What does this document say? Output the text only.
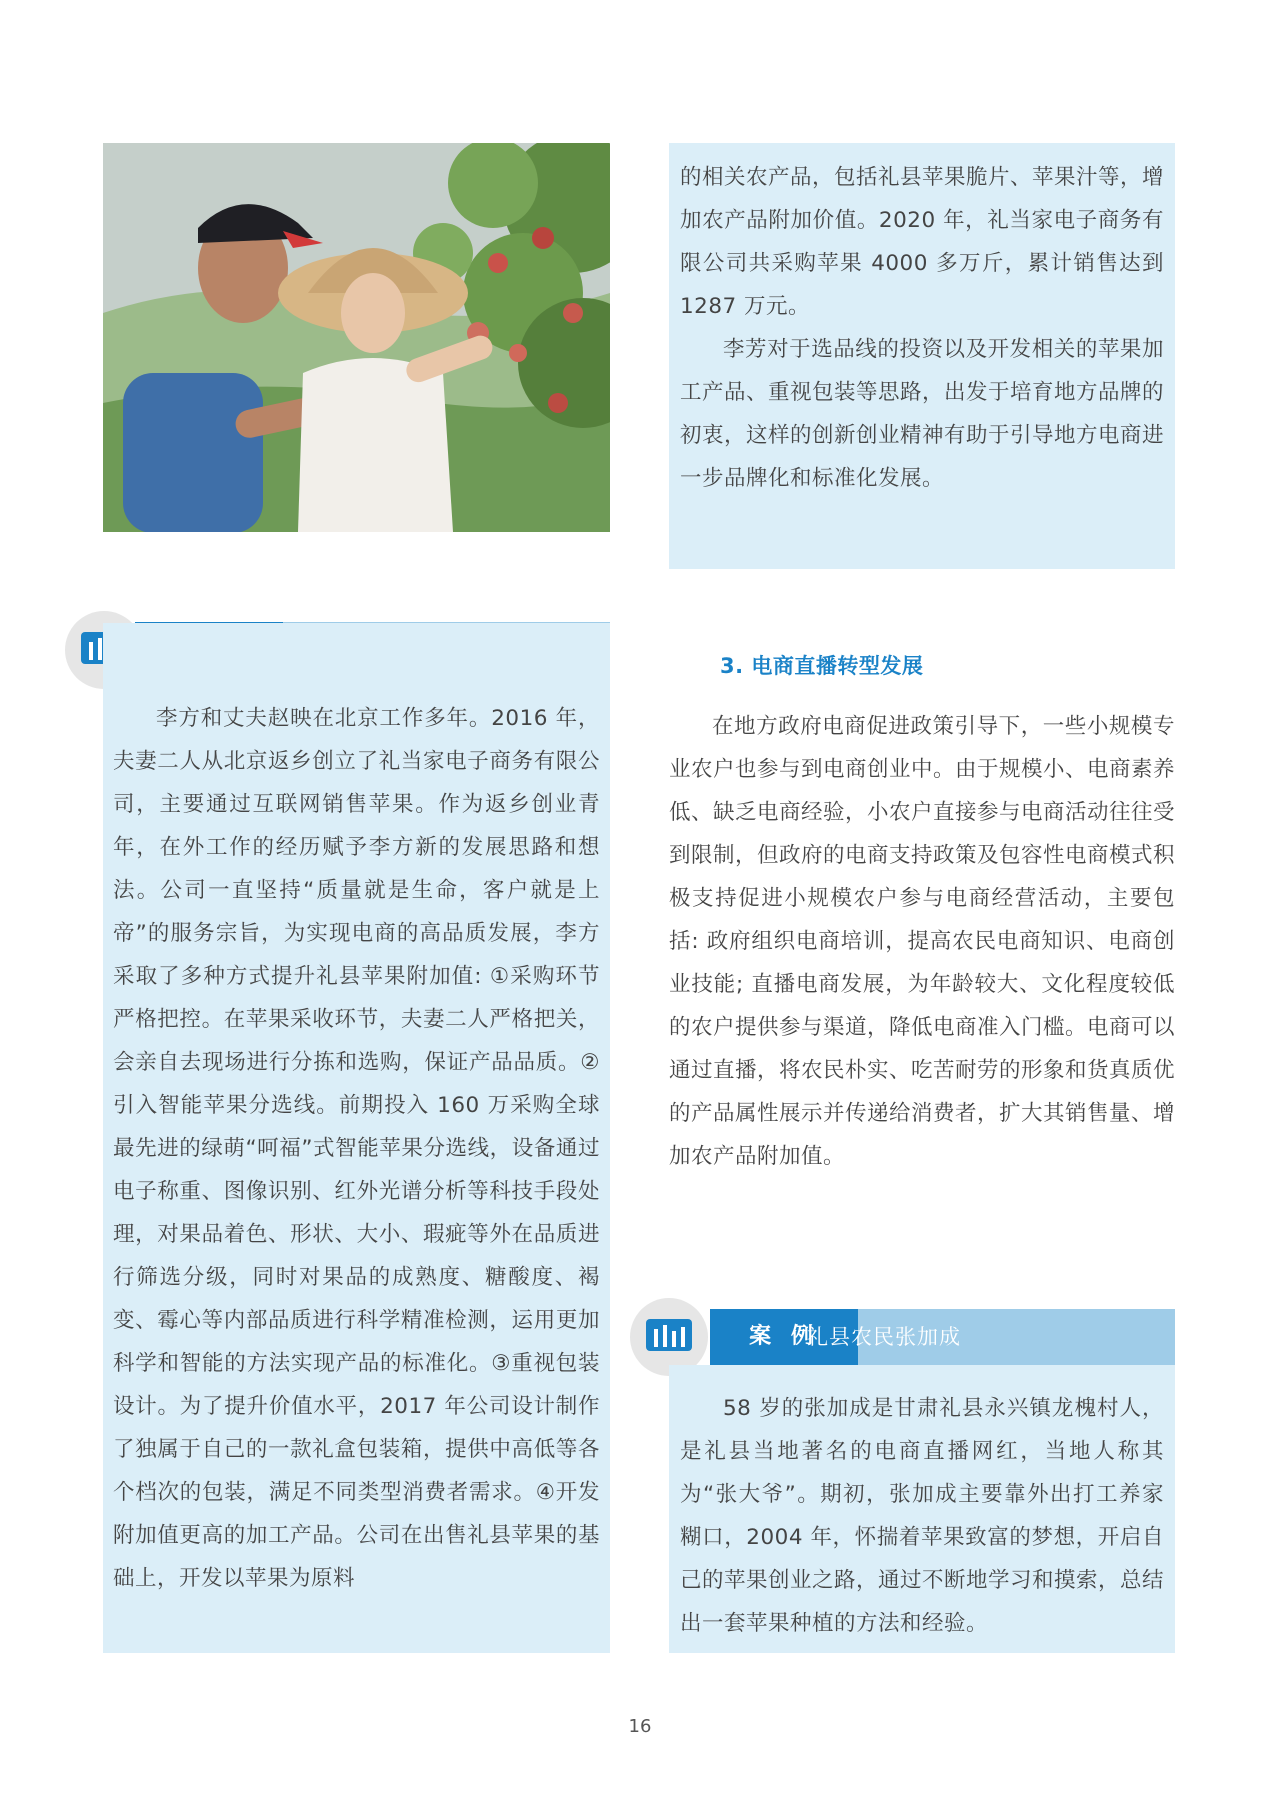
的相关农产品，包括礼县苹果脆片、苹果汁等，增加农产品附加价值。2020 年，礼当家电子商务有限公司共采购苹果 4000 多万斤，累计销售达到 1287 万元。

李芳对于选品线的投资以及开发相关的苹果加工产品、重视包装等思路，出发于培育地方品牌的初衷，这样的创新创业精神有助于引导地方电商进一步品牌化和标准化发展。

李方和丈夫赵映在北京工作多年。2016 年，夫妻二人从北京返乡创立了礼当家电子商务有限公司，主要通过互联网销售苹果。作为返乡创业青年，在外工作的经历赋予李方新的发展思路和想法。公司一直坚持“质量就是生命，客户就是上帝”的服务宗旨，为实现电商的高品质发展，李方采取了多种方式提升礼县苹果附加值: ①采购环节严格把控。在苹果采收环节，夫妻二人严格把关，会亲自去现场进行分拣和选购，保证产品品质。②引入智能苹果分选线。前期投入 160 万采购全球最先进的绿萌“呵福”式智能苹果分选线，设备通过电子称重、图像识别、红外光谱分析等科技手段处理，对果品着色、形状、大小、瑕疵等外在品质进行筛选分级，同时对果品的成熟度、糖酸度、褐变、霉心等内部品质进行科学精准检测，运用更加科学和智能的方法实现产品的标准化。③重视包装设计。为了提升价值水平，2017 年公司设计制作了独属于自己的一款礼盒包装箱，提供中高低等各个档次的包装，满足不同类型消费者需求。④开发附加值更高的加工产品。公司在出售礼县苹果的基础上，开发以苹果为原料

3. 电商直播转型发展

在地方政府电商促进政策引导下，一些小规模专业农户也参与到电商创业中。由于规模小、电商素养低、缺乏电商经验，小农户直接参与电商活动往往受到限制，但政府的电商支持政策及包容性电商模式积极支持促进小规模农户参与电商经营活动，主要包括: 政府组织电商培训，提高农民电商知识、电商创业技能; 直播电商发展，为年龄较大、文化程度较低的农户提供参与渠道，降低电商准入门槛。电商可以通过直播，将农民朴实、吃苦耐劳的形象和货真质优的产品属性展示并传递给消费者，扩大其销售量、增加农产品附加值。

案 例
礼县农民张加成

58 岁的张加成是甘肃礼县永兴镇龙槐村人，是礼县当地著名的电商直播网红，当地人称其为“张大爷”。期初，张加成主要靠外出打工养家糊口，2004 年，怀揣着苹果致富的梦想，开启自己的苹果创业之路，通过不断地学习和摸索，总结出一套苹果种植的方法和经验。

16
